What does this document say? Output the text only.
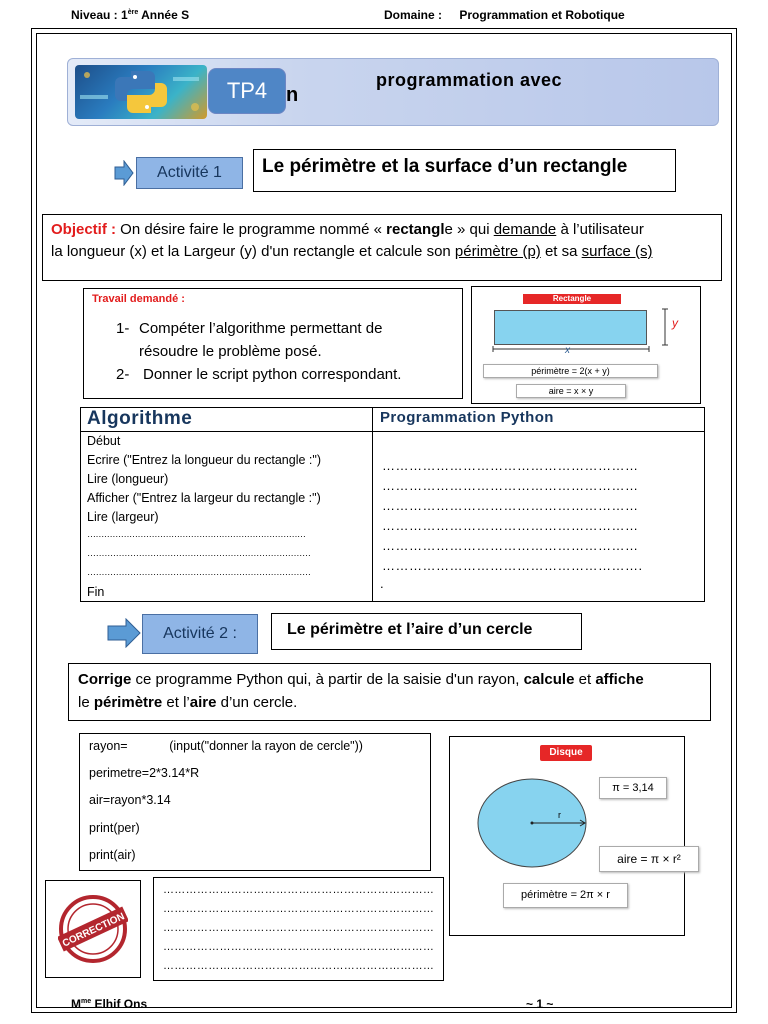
Niveau : 1ère Année S	Domaine : Programmation et Robotique
TP4 n
programmation avec
Activité 1	Le périmètre et la surface d’un rectangle
Objectif : On désire faire le programme nommé « rectangle » qui demande à l’utilisateur
la longueur (x) et la Largeur (y) d'un rectangle et calcule son périmètre (p) et sa surface (s)
Travail demandé :
1- Compéter l’algorithme permettant de
résoudre le problème posé.
2- Donner le script python correspondant.
Rectangle
y
x
périmètre = 2(x + y)
aire = x × y
Algorithme	Programmation Python
Début
Ecrire ("Entrez la longueur du rectangle :")
Lire (longueur)
Afficher ("Entrez la largeur du rectangle :")
Lire (largeur)
……………………………………………………………………
……………………………………………………………………
……………………………………………………………………
Fin
…………………………………………………
…………………………………………………
…………………………………………………
…………………………………………………
…………………………………………………
………………………………………………….
.
Activité 2 :	Le périmètre et l’aire d’un cercle
Corrige ce programme Python qui, à partir de la saisie d'un rayon, calcule et affiche
le périmètre et l’aire d’un cercle.
rayon=            (input("donner la rayon de cercle"))
perimetre=2*3.14*R
air=rayon*3.14
print(per)
print(air)
Disque
r
π = 3,14
aire = π × r²
périmètre = 2π × r
CORRECTION
………………………………………………………………
………………………………………………………………
………………………………………………………………
………………………………………………………………
………………………………………………………………
$M^{me}$ Elhif Ons	~ 1 ~
